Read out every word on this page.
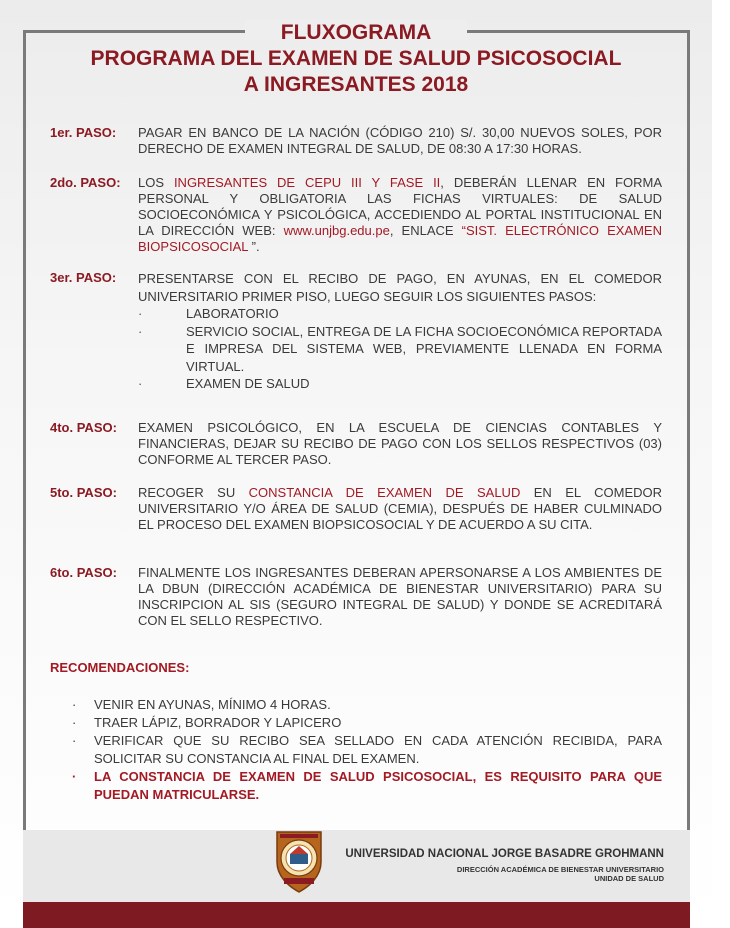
FLUXOGRAMA
PROGRAMA DEL EXAMEN DE SALUD PSICOSOCIAL
A INGRESANTES 2018
1er. PASO: PAGAR EN BANCO DE LA NACIÓN (CÓDIGO 210) S/. 30,00 NUEVOS SOLES, POR DERECHO DE EXAMEN INTEGRAL DE SALUD, DE 08:30 A 17:30 HORAS.
2do. PASO: LOS INGRESANTES DE CEPU III Y FASE II, DEBERÁN LLENAR EN FORMA PERSONAL Y OBLIGATORIA LAS FICHAS VIRTUALES: DE SALUD SOCIOECONÓMICA Y PSICOLÓGICA, ACCEDIENDO AL PORTAL INSTITUCIONAL EN LA DIRECCIÓN WEB: www.unjbg.edu.pe, ENLACE “SIST. ELECTRÓNICO EXAMEN BIOPSICOSOCIAL ”.
3er. PASO: PRESENTARSE CON EL RECIBO DE PAGO, EN AYUNAS, EN EL COMEDOR UNIVERSITARIO PRIMER PISO, LUEGO SEGUIR LOS SIGUIENTES PASOS:
· LABORATORIO
· SERVICIO SOCIAL, ENTREGA DE LA FICHA SOCIOECONÓMICA REPORTADA E IMPRESA DEL SISTEMA WEB, PREVIAMENTE LLENADA EN FORMA VIRTUAL.
· EXAMEN DE SALUD
4to. PASO: EXAMEN PSICOLÓGICO, EN LA ESCUELA DE CIENCIAS CONTABLES Y FINANCIERAS, DEJAR SU RECIBO DE PAGO CON LOS SELLOS RESPECTIVOS (03) CONFORME AL TERCER PASO.
5to. PASO: RECOGER SU CONSTANCIA DE EXAMEN DE SALUD EN EL COMEDOR UNIVERSITARIO Y/O ÁREA DE SALUD (CEMIA), DESPUÉS DE HABER CULMINADO EL PROCESO DEL EXAMEN BIOPSICOSOCIAL Y DE ACUERDO A SU CITA.
6to. PASO: FINALMENTE LOS INGRESANTES DEBERAN APERSONARSE A LOS AMBIENTES DE LA DBUN (DIRECCIÓN ACADÉMICA DE BIENESTAR UNIVERSITARIO) PARA SU INSCRIPCION AL SIS (SEGURO INTEGRAL DE SALUD) Y DONDE SE ACREDITARÁ CON EL SELLO RESPECTIVO.
RECOMENDACIONES:
· VENIR EN AYUNAS, MÍNIMO 4 HORAS.
· TRAER LÁPIZ, BORRADOR Y LAPICERO
· VERIFICAR QUE SU RECIBO SEA SELLADO EN CADA ATENCIÓN RECIBIDA, PARA SOLICITAR SU CONSTANCIA AL FINAL DEL EXAMEN.
· LA CONSTANCIA DE EXAMEN DE SALUD PSICOSOCIAL, ES REQUISITO PARA QUE PUEDAN MATRICULARSE.
UNIVERSIDAD NACIONAL JORGE BASADRE GROHMANN
DIRECCIÓN ACADÉMICA DE BIENESTAR UNIVERSITARIO
UNIDAD DE SALUD
